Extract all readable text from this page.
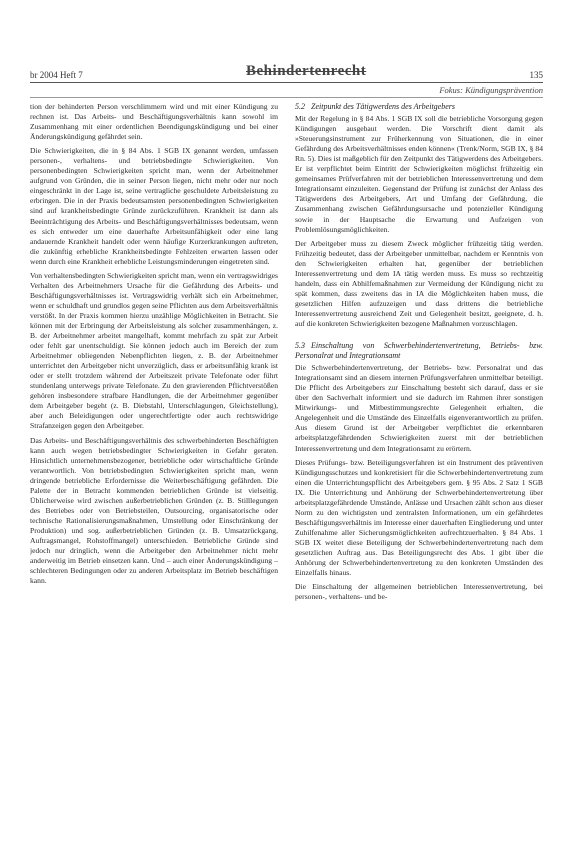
br 2004 Heft 7	Behindertenrecht	135
Fokus: Kündigungsprävention

tion der behinderten Person verschlimmern wird und mit einer Kündigung zu rechnen ist. Das Arbeits- und Beschäftigungsverhältnis kann sowohl im Zusammenhang mit einer ordentlichen Beendigungskündigung und bei einer Änderungskündigung gefährdet sein.

Die Schwierigkeiten, die in § 84 Abs. 1 SGB IX genannt werden, umfassen personen-, verhaltens- und betriebsbedingte Schwierigkeiten. Von personenbedingten Schwierigkeiten spricht man, wenn der Arbeitnehmer aufgrund von Gründen, die in seiner Person liegen, nicht mehr oder nur noch eingeschränkt in der Lage ist, seine vertragliche geschuldete Arbeitsleistung zu erbringen. Die in der Praxis bedeutsamsten personenbedingten Schwierigkeiten sind auf krankheitsbedingte Gründe zurückzuführen. Krankheit ist dann als Beeinträchtigung des Arbeits- und Beschäftigungsverhältnisses bedeutsam, wenn es sich entweder um eine dauerhafte Arbeitsunfähigkeit oder eine lang andauernde Krankheit handelt oder wenn häufige Kurzerkrankungen auftreten, die zukünftig erhebliche Krankheitsbedingte Fehlzeiten erwarten lassen oder wenn durch eine Krankheit erhebliche Leistungsminderungen eingetreten sind.

Von verhaltensbedingten Schwierigkeiten spricht man, wenn ein vertragswidriges Verhalten des Arbeitnehmers Ursache für die Gefährdung des Arbeits- und Beschäftigungsverhältnisses ist. Vertragswidrig verhält sich ein Arbeitnehmer, wenn er schuldhaft und grundlos gegen seine Pflichten aus dem Arbeitsverhältnis verstößt. In der Praxis kommen hierzu unzählige Möglichkeiten in Betracht. Sie können mit der Erbringung der Arbeitsleistung als solcher zusammenhängen, z. B. der Arbeitnehmer arbeitet mangelhaft, kommt mehrfach zu spät zur Arbeit oder fehlt gar unentschuldigt. Sie können jedoch auch im Bereich der zum Arbeitnehmer obliegenden Nebenpflichten liegen, z. B. der Arbeitnehmer unterrichtet den Arbeitgeber nicht unverzüglich, dass er arbeitsunfähig krank ist oder er stellt trotzdem während der Arbeitszeit private Telefonate oder führt stundenlang unterwegs private Telefonate. Zu den gravierenden Pflichtverstößen gehören insbesondere strafbare Handlungen, die der Arbeitnehmer gegenüber dem Arbeitgeber begeht (z. B. Diebstahl, Unterschlagungen, Gleichstellung), aber auch Beleidigungen oder ungerechtfertigte oder auch rechtswidrige Strafanzeigen gegen den Arbeitgeber.

Das Arbeits- und Beschäftigungsverhältnis des schwerbehinderten Beschäftigten kann auch wegen betriebsbedingter Schwierigkeiten in Gefahr geraten. Hinsichtlich unternehmensbezogener, betriebliche oder wirtschaftliche Gründe verantwortlich. Von betriebsbedingten Schwierigkeiten spricht man, wenn dringende betriebliche Erfordernisse die Weiterbeschäftigung gefährden. Die Palette der in Betracht kommenden betrieblichen Gründe ist vielseitig. Üblicherweise wird zwischen außerbetrieblichen Gründen (z. B. Stilllegungen des Betriebes oder von Betriebsteilen, Outsourcing, organisatorische oder technische Rationalisierungsmaßnahmen, Umstellung oder Einschränkung der Produktion) und sog. außerbetrieblichen Gründen (z. B. Umsatzrückgang, Auftragsmangel, Rohstoffmangel) unterschieden. Betriebliche Gründe sind jedoch nur dringlich, wenn die Arbeitgeber den Arbeitnehmer nicht mehr anderweitig im Betrieb einsetzen kann. Und – auch einer Änderungskündigung – schlechteren Bedingungen oder zu anderen Arbeitsplatz im Betrieb beschäftigen kann.

5.2 Zeitpunkt des Tätigwerdens des Arbeitgebers

Mit der Regelung in § 84 Abs. 1 SGB IX soll die betriebliche Vorsorgung gegen Kündigungen ausgebaut werden. Die Vorschrift dient damit als »Steuerungsinstrument zur Früherkennung von Situationen, die in einer Gefährdung des Arbeitsverhältnisses enden können« (Trenk/Norm, SGB IX, § 84 Rn. 5). Dies ist maßgeblich für den Zeitpunkt des Tätigwerdens des Arbeitgebers. Er ist verpflichtet beim Eintritt der Schwierigkeiten möglichst frühzeitig ein gemeinsames Prüfverfahren mit der betrieblichen Interessenvertretung und dem Integrationsamt einzuleiten. Gegenstand der Prüfung ist zunächst der Anlass des Tätigwerdens des Arbeitgebers, Art und Umfang der Gefährdung, die Zusammenhang zwischen Gefährdungsursache und potenzieller Kündigung sowie in der Hauptsache die Erwartung und Aufzeigen von Problemlösungsmöglichkeiten.

Der Arbeitgeber muss zu diesem Zweck möglicher frühzeitig tätig werden. Frühzeitig bedeutet, dass der Arbeitgeber unmittelbar, nachdem er Kenntnis von den Schwierigkeiten erhalten hat, gegenüber der betrieblichen Interessenvertretung und dem IA tätig werden muss. Es muss so rechtzeitig handeln, dass ein Abhilfemaßnahmen zur Vermeidung der Kündigung nicht zu spät kommen, dass zweitens das in IA die Möglichkeiten haben muss, die gesetzlichen Hilfen aufzuzeigen und dass drittens die betriebliche Interessenvertretung ausreichend Zeit und Gelegenheit besitzt, geeignete, d. h. auf die konkreten Schwierigkeiten bezogene Maßnahmen vorzuschlagen.

5.3 Einschaltung von Schwerbehindertenvertretung, Betriebs- bzw. Personalrat und Integrationsamt

Die Schwerbehindertenvertretung, der Betriebs- bzw. Personalrat und das Integrationsamt sind an diesem internen Prüfungsverfahren unmittelbar beteiligt. Die Pflicht des Arbeitgebers zur Einschaltung besteht sich darauf, dass er sie über den Sachverhalt informiert und sie dadurch im Rahmen ihrer sonstigen Mitwirkungs- und Mitbestimmungsrechte Gelegenheit erhalten, die Angelegenheit und die Umstände des Einzelfalls eigenverantwortlich zu prüfen. Aus diesem Grund ist der Arbeitgeber verpflichtet die erkennbaren arbeitsplatzgefährdenden Schwierigkeiten zuerst mit der betrieblichen Interessenvertretung und dem Integrationsamt zu erörtern.

Dieses Prüfungs- bzw. Beteiligungsverfahren ist ein Instrument des präventiven Kündigungsschutzes und konkretisiert für die Schwerbehindertenvertretung zum einen die Unterrichtungspflicht des Arbeitgebers gem. § 95 Abs. 2 Satz 1 SGB IX. Die Unterrichtung und Anhörung der Schwerbehindertenvertretung über arbeitsplatzgefährdende Umstände, Anlässe und Ursachen zählt schon aus dieser Norm zu den wichtigsten und zentralsten Informationen, um ein gefährdetes Beschäftigungsverhältnis im Interesse einer dauerhaften Eingliederung und unter Zuhilfenahme aller Sicherungsmöglichkeiten aufrechtzuerhalten. § 84 Abs. 1 SGB IX weitet diese Beteiligung der Schwerbehindertenvertretung nach dem gesetzlichen Auftrag aus. Das Beteiligungsrecht des Abs. 1 gibt über die Anhörung der Schwerbehindertenvertretung zu den konkreten Umständen des Einzelfalls hinaus.

Die Einschaltung der allgemeinen betrieblichen Interessenvertretung, bei personen-, verhaltens- und be-
